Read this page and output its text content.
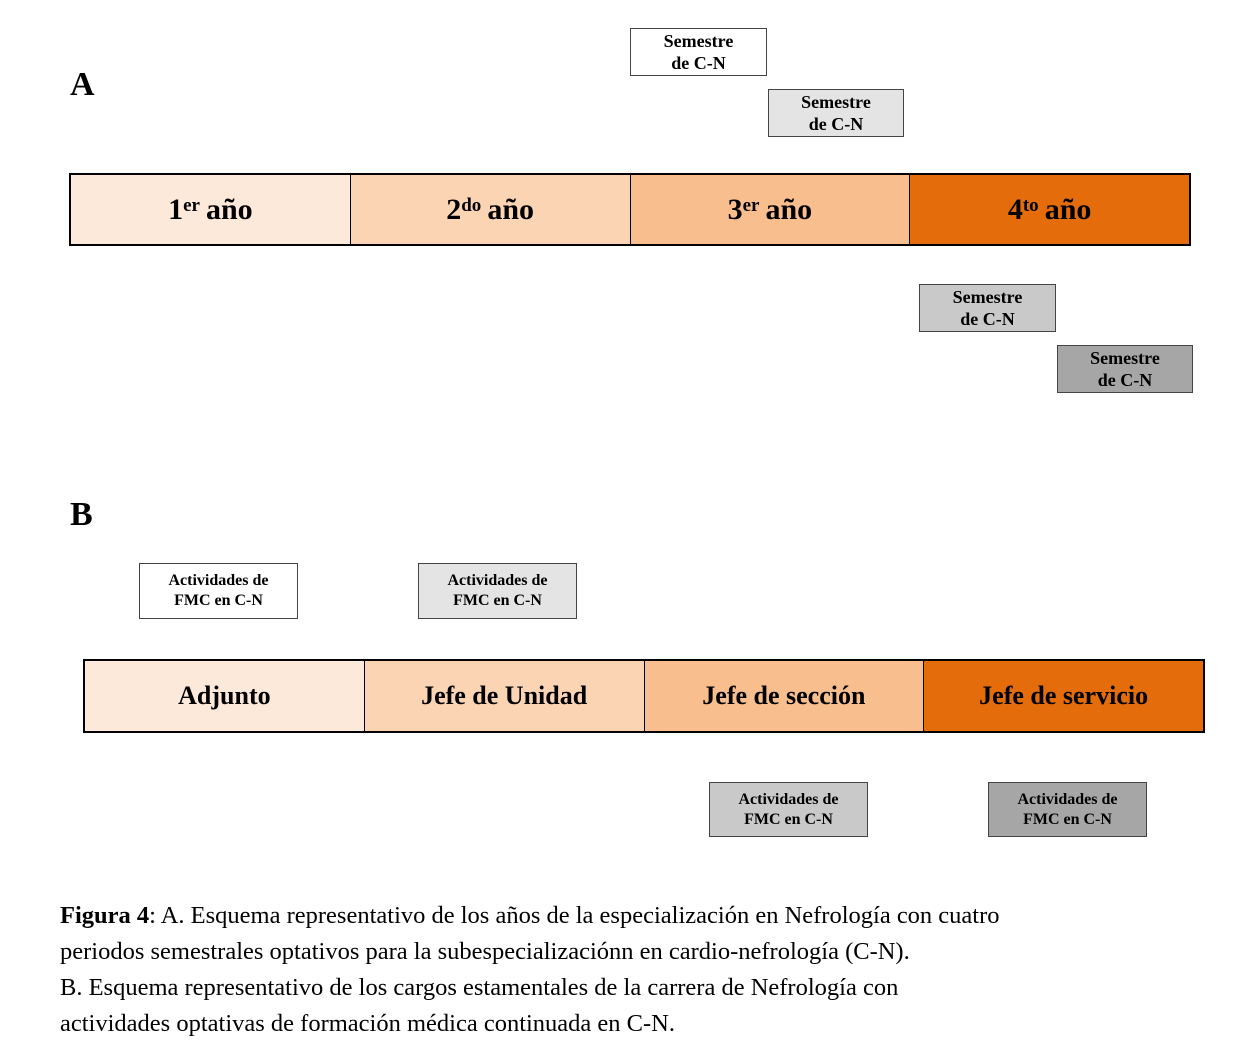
A
Semestre
de C-N
Semestre
de C-N
1er año	$2^{do}$ año	3er año	$4^{to}$ año
Semestre
de C-N
Semestre
de C-N
B
Actividades de
FMC en C-N
Actividades de
FMC en C-N
Adjunto	Jefe de Unidad	Jefe de sección	Jefe de servicio
Actividades de
FMC en C-N
Actividades de
FMC en C-N
Figura 4: A. Esquema representativo de los años de la especialización en Nefrología con cuatro
periodos semestrales optativos para la subespecializaciónn en cardio-nefrología (C-N).
B. Esquema representativo de los cargos estamentales de la carrera de Nefrología con
actividades optativas de formación médica continuada en C-N.
